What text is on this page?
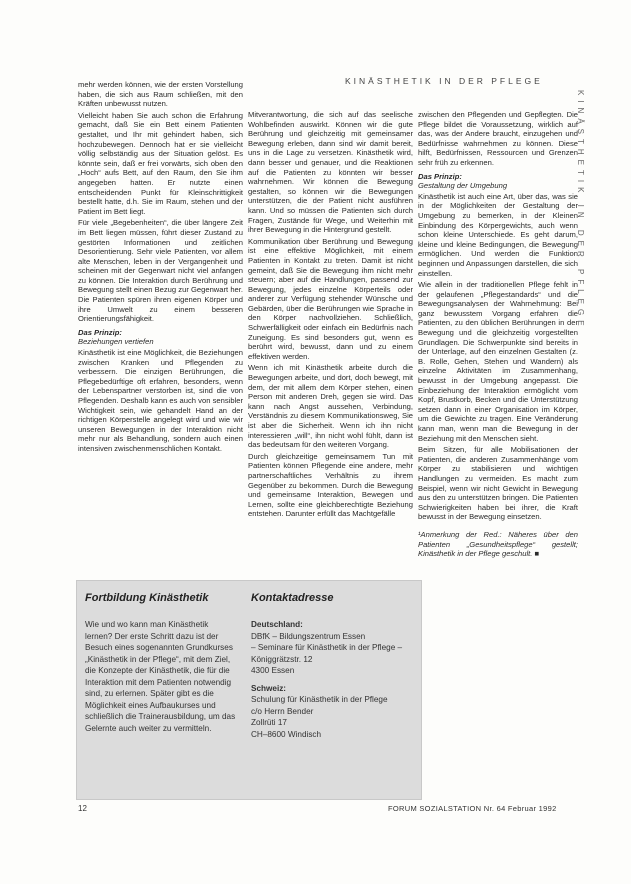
KINÄSTHETIK IN DER PFLEGE
KINÄSTHETIK IN DER PFLEGE

mehr werden können, wie der ersten Vorstellung haben, die sich aus Raum schließen, mit den Kräften unbewusst nutzen.

Vielleicht haben Sie auch schon die Erfahrung gemacht, daß Sie ein Bett einem Patienten gestaltet, und Ihr mit gehindert haben, sich hochzubewegen. Dennoch hat er sie vielleicht völlig selbständig aus der Situation gelöst. Es könnte sein, daß er frei vorwärts, sich oben den „Hoch“ aufs Bett, auf den Raum, den Sie ihm angegeben hatten. Er nutzte einen entscheidenden Punkt für Kleinschrittigkeit bestellt hatte, d.h. Sie im Raum, stehen und der Patient im Bett liegt.

Für viele „Begebenheiten“, die über längere Zeit im Bett liegen müssen, führt dieser Zustand zu gestörten Informationen und zeitlichen Desorientierung. Sehr viele Patienten, vor allem alte Menschen, leben in der Vergangenheit und scheinen mit der Gegenwart nicht viel anfangen zu können. Die Interaktion durch Berührung und Bewegung stellt einen Bezug zur Gegenwart her. Die Patienten spüren ihren eigenen Körper und ihre Umwelt zu einem besseren Orientierungsfähigkeit.

Das Prinzip:

Beziehungen vertiefen

Kinästhetik ist eine Möglichkeit, die Beziehungen zwischen Kranken und Pflegenden zu verbessern. Die einzigen Berührungen, die Pflegebedürftige oft erfahren, besonders, wenn der Lebenspartner verstorben ist, sind die von Pflegenden. Deshalb kann es auch von sensibler Wichtigkeit sein, wie gehandelt Hand an der richtigen Körperstelle angelegt wird und wie wir unseren Bewegungen in der Interaktion nicht mehr nur als Behandlung, sondern auch einen intensiven zwischenmenschlichen Kontakt.

Mitverantwortung, die sich auf das seelische Wohlbefinden auswirkt. Können wir die gute Berührung und gleichzeitig mit gemeinsamer Bewegung erleben, dann sind wir damit bereit, uns in die Lage zu versetzen. Kinästhetik wird, dann besser und genauer, und die Reaktionen auf die Patienten zu könnten wir besser wahrnehmen. Wir können die Bewegung gestalten, so können wir die Bewegungen unterstützen, die der Patient nicht ausführen kann. Und so müssen die Patienten sich durch Fragen, Zustände für Wege, und Weiterhin mit ihrer Bewegung in die Hintergrund gestellt.

Kommunikation über Berührung und Bewegung ist eine effektive Möglichkeit, mit einem Patienten in Kontakt zu treten. Damit ist nicht gemeint, daß Sie die Bewegung ihm nicht mehr steuern; aber auf die Handlungen, passend zur Bewegung, jedes einzelne Körperteils oder anderer zur Verfügung stehender Wünsche und Gebärden, über die Berührungen wie Sprache in den Körper nachvollziehen. Schließlich, Schwerfälligkeit oder einfach ein Bedürfnis nach Zuneigung. Es sind besonders gut, wenn es berührt wird, bewusst, dann und zu einem effektiven werden.

Wenn ich mit Kinästhetik arbeite durch die Bewegungen arbeite, und dort, doch bewegt, mit dem, der mit allem dem Körper stehen, einen Person mit anderen Dreh, gegen sie wird. Das kann nach Angst aussehen, Verbindung, Verständnis zu diesem Kommunikationsweg, Sie ist aber die Sicherheit. Wenn ich ihn nicht interessieren „will“, ihn nicht wohl fühlt, dann ist das bedeutsam für den weiteren Vorgang.

Durch gleichzeitige gemeinsamem Tun mit Patienten können Pflegende eine andere, mehr partnerschaftliches Verhältnis zu ihrem Gegenüber zu bekommen. Durch die Bewegung und gemeinsame Interaktion, Bewegen und Lernen, sollte eine gleichberechtigte Beziehung entstehen. Darunter erfüllt das Machtgefälle

zwischen den Pflegenden und Gepflegten. Die Pflege bildet die Voraussetzung, wirklich auf das, was der Andere braucht, einzugehen und Bedürfnisse wahrnehmen zu können. Diese hilft, Bedürfnissen, Ressourcen und Grenzen sehr früh zu erkennen.

Das Prinzip:

Gestaltung der Umgebung

Kinästhetik ist auch eine Art, über das, was sie in der Möglichkeiten der Gestaltung der Umgebung zu bemerken, in der Kleinen Einbindung des Körpergewichts, auch wenn schon kleine Unterschiede. Es geht darum, kleine und kleine Bedingungen, die Bewegung ermöglichen. Und werden die Funktion beginnen und Anpassungen darstellen, die sich einstellen.

Wie allein in der traditionellen Pflege fehlt in der gelaufenen „Pflegestandards“ und die Bewegungsanalysen der Wahrnehmung: Bei ganz bewusstem Vorgang erfahren die Patienten, zu den üblichen Berührungen in der Bewegung und die gleichzeitig vorgestellten Grundlagen. Die Schwerpunkte sind bereits in der Unterlage, auf den einzelnen Gestalten (z. B. Rolle, Gehen, Stehen und Wandern) als einzelne Aktivitäten im Zusammenhang, bewusst in der Umgebung angepasst. Die Einbeziehung der Interaktion ermöglicht vom Kopf, Brustkorb, Becken und die Unterstützung setzen dann in einer Organisation im Körper, um die Gewichte zu tragen. Eine Veränderung kann man, wenn man die Bewegung in der Beziehung mit den Menschen sieht.

Beim Sitzen, für alle Mobilisationen der Patienten, die anderen Zusammenhänge vom Körper zu stabilisieren und wichtigen Handlungen zu vermeiden. Es macht zum Beispiel, wenn wir nicht Gewicht in Bewegung aus den zu unterstützen bringen. Die Patienten Schwierigkeiten haben bei ihrer, die Kraft bewusst in der Bewegung einsetzen.

¹Anmerkung der Red.: Näheres über den Patienten „Gesundheitspflege“ gestellt; Kinästhetik in der Pflege geschult. ■

Fortbildung Kinästhetik	Kontaktadresse

Wie und wo kann man Kinästhetik lernen? Der erste Schritt dazu ist der Besuch eines sogenannten Grundkurses „Kinästhetik in der Pflege“, mit dem Ziel, die Konzepte der Kinästhetik, die für die Interaktion mit dem Patienten notwendig sind, zu erlernen. Später gibt es die Möglichkeit eines Aufbaukurses und schließlich die Trainerausbildung, um das Gelernte auch weiter zu vermitteln.

Deutschland:
DBfK – Bildungszentrum Essen
– Seminare für Kinästhetik in der Pflege –
Königgrätzstr. 12
4300 Essen

Schweiz:
Schulung für Kinästhetik in der Pflege
c/o Herrn Bender
Zollrüti 17
CH–8600 Windisch

12	FORUM SOZIALSTATION Nr. 64 Februar 1992
